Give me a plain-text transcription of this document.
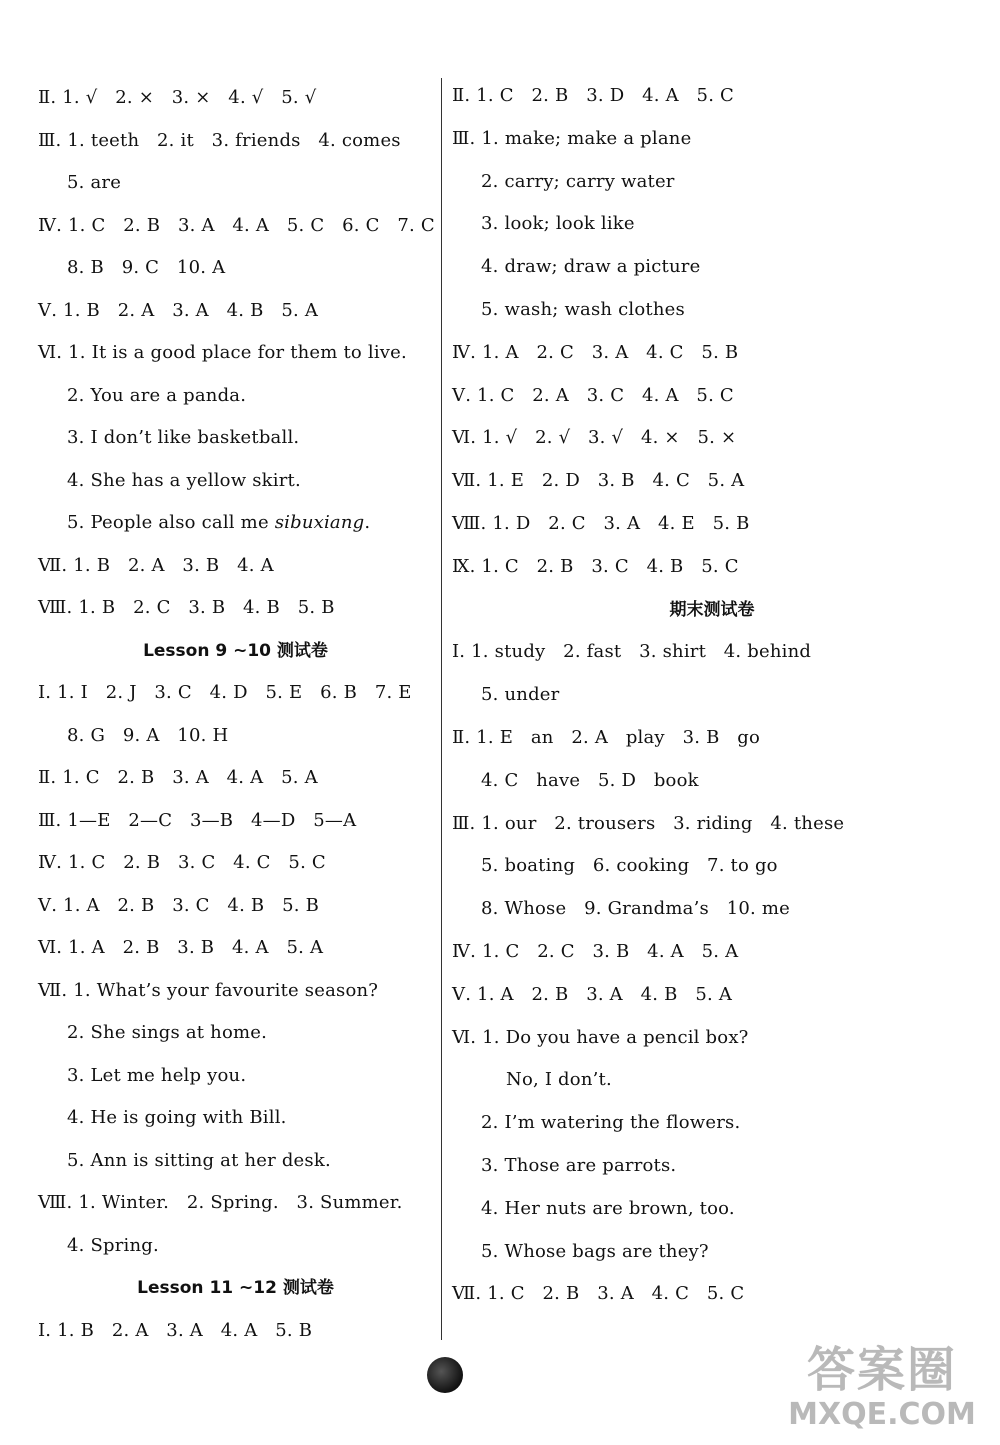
Ⅱ. 1. √   2. ×   3. ×   4. √   5. √
Ⅲ. 1. teeth   2. it   3. friends   4. comes
5. are
Ⅳ. 1. C   2. B   3. A   4. A   5. C   6. C   7. C
8. B   9. C   10. A
Ⅴ. 1. B   2. A   3. A   4. B   5. A
Ⅵ. 1. It is a good place for them to live.
2. You are a panda.
3. I don’t like basketball.
4. She has a yellow skirt.
5. People also call me sibuxiang.
Ⅶ. 1. B   2. A   3. B   4. A
Ⅷ. 1. B   2. C   3. B   4. B   5. B
Lesson 9 ~10 测试卷
Ⅰ. 1. I   2. J   3. C   4. D   5. E   6. B   7. E
8. G   9. A   10. H
Ⅱ. 1. C   2. B   3. A   4. A   5. A
Ⅲ. 1—E   2—C   3—B   4—D   5—A
Ⅳ. 1. C   2. B   3. C   4. C   5. C
Ⅴ. 1. A   2. B   3. C   4. B   5. B
Ⅵ. 1. A   2. B   3. B   4. A   5. A
Ⅶ. 1. What’s your favourite season?
2. She sings at home.
3. Let me help you.
4. He is going with Bill.
5. Ann is sitting at her desk.
Ⅷ. 1. Winter.   2. Spring.   3. Summer.
4. Spring.
Lesson 11 ~12 测试卷
Ⅰ. 1. B   2. A   3. A   4. A   5. B
Ⅱ. 1. C   2. B   3. D   4. A   5. C
Ⅲ. 1. make; make a plane
2. carry; carry water
3. look; look like
4. draw; draw a picture
5. wash; wash clothes
Ⅳ. 1. A   2. C   3. A   4. C   5. B
Ⅴ. 1. C   2. A   3. C   4. A   5. C
Ⅵ. 1. √   2. √   3. √   4. ×   5. ×
Ⅶ. 1. E   2. D   3. B   4. C   5. A
Ⅷ. 1. D   2. C   3. A   4. E   5. B
Ⅸ. 1. C   2. B   3. C   4. B   5. C
期末测试卷
Ⅰ. 1. study   2. fast   3. shirt   4. behind
5. under
Ⅱ. 1. E   an   2. A   play   3. B   go
4. C   have   5. D   book
Ⅲ. 1. our   2. trousers   3. riding   4. these
5. boating   6. cooking   7. to go
8. Whose   9. Grandma’s   10. me
Ⅳ. 1. C   2. C   3. B   4. A   5. A
Ⅴ. 1. A   2. B   3. A   4. B   5. A
Ⅵ. 1. Do you have a pencil box?
No, I don’t.
2. I’m watering the flowers.
3. Those are parrots.
4. Her nuts are brown, too.
5. Whose bags are they?
Ⅶ. 1. C   2. B   3. A   4. C   5. C
答案圈
MXQE.COM
